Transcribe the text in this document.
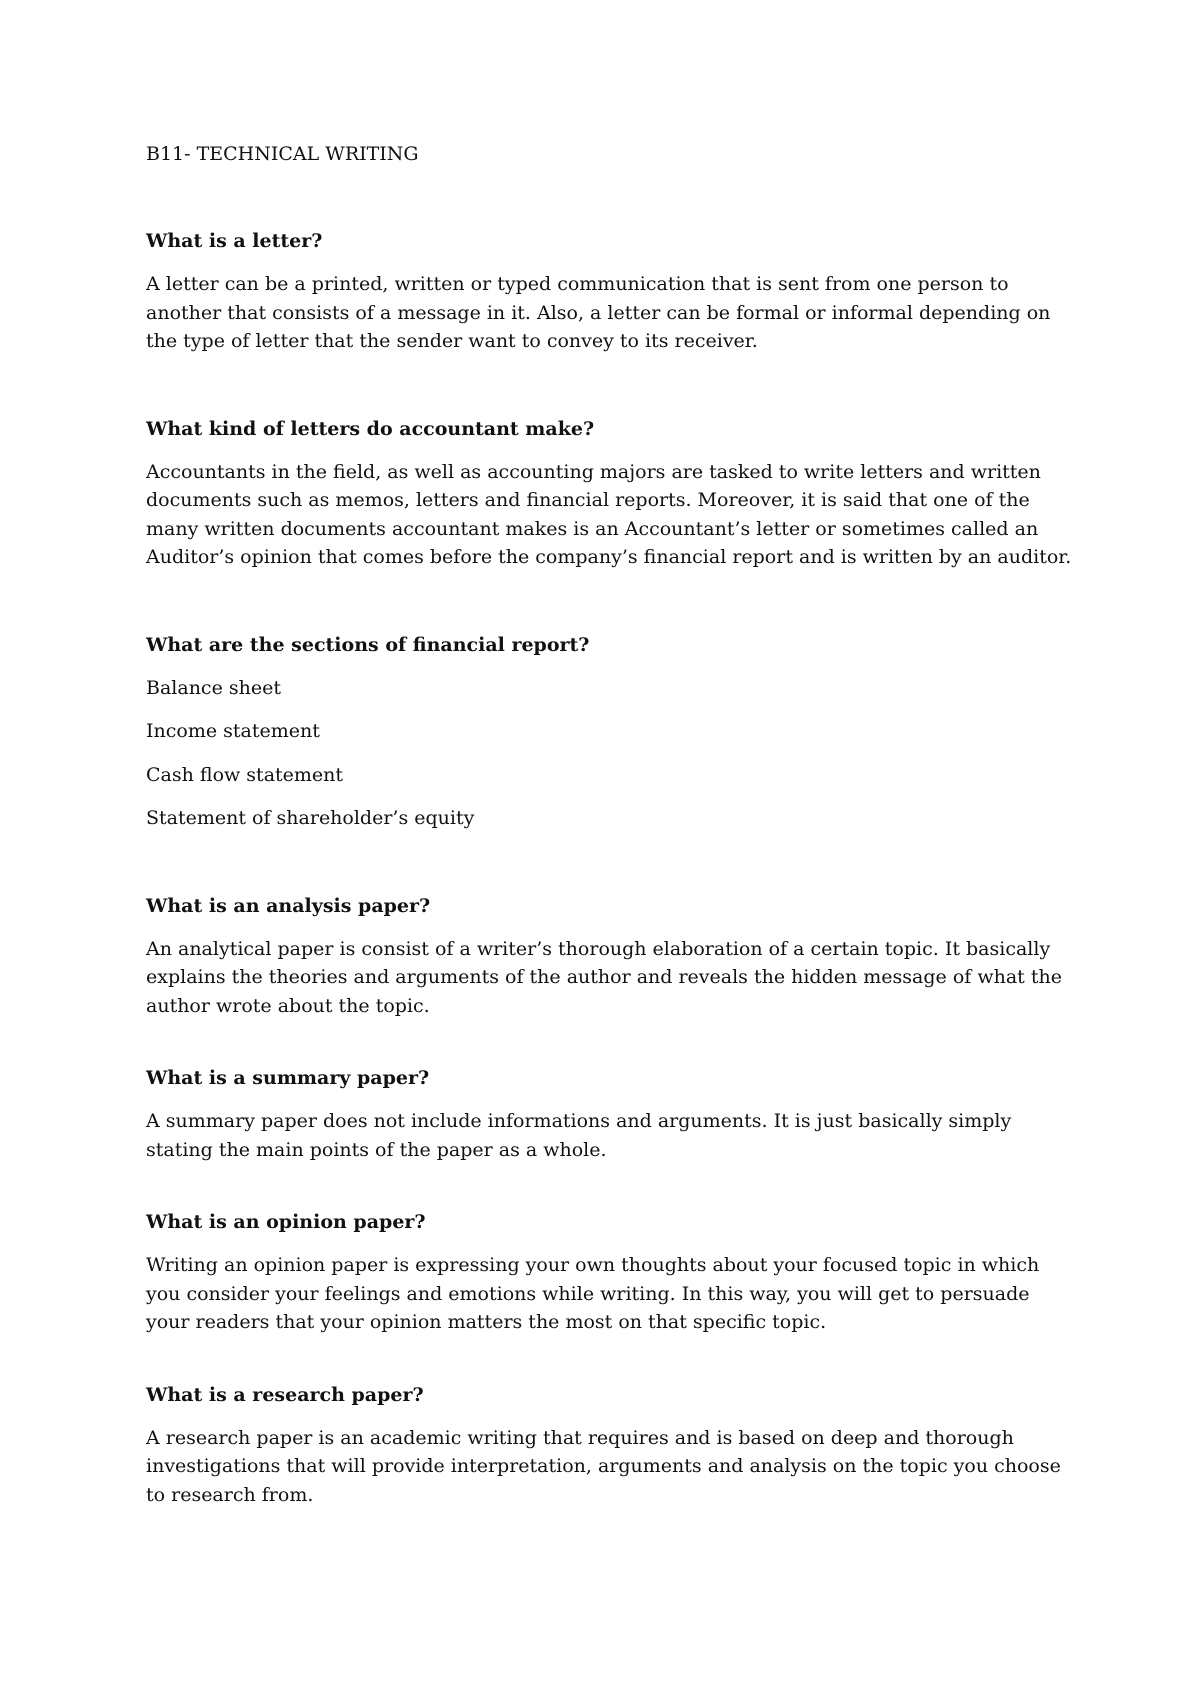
B11- TECHNICAL WRITING

What is a letter?

A letter can be a printed, written or typed communication that is sent from one person to another that consists of a message in it. Also, a letter can be formal or informal depending on the type of letter that the sender want to convey to its receiver.

What kind of letters do accountant make?

Accountants in the field, as well as accounting majors are tasked to write letters and written documents such as memos, letters and financial reports. Moreover, it is said that one of the many written documents accountant makes is an Accountant’s letter or sometimes called an Auditor’s opinion that comes before the company’s financial report and is written by an auditor.

What are the sections of financial report?

Balance sheet

Income statement

Cash flow statement

Statement of shareholder’s equity

What is an analysis paper?

An analytical paper is consist of a writer’s thorough elaboration of a certain topic. It basically explains the theories and arguments of the author and reveals the hidden message of what the author wrote about the topic.

What is a summary paper?

A summary paper does not include informations and arguments. It is just basically simply stating the main points of the paper as a whole.

What is an opinion paper?

Writing an opinion paper is expressing your own thoughts about your focused topic in which you consider your feelings and emotions while writing. In this way, you will get to persuade your readers that your opinion matters the most on that specific topic.

What is a research paper?

A research paper is an academic writing that requires and is based on deep and thorough investigations that will provide interpretation, arguments and analysis on the topic you choose to research from.
